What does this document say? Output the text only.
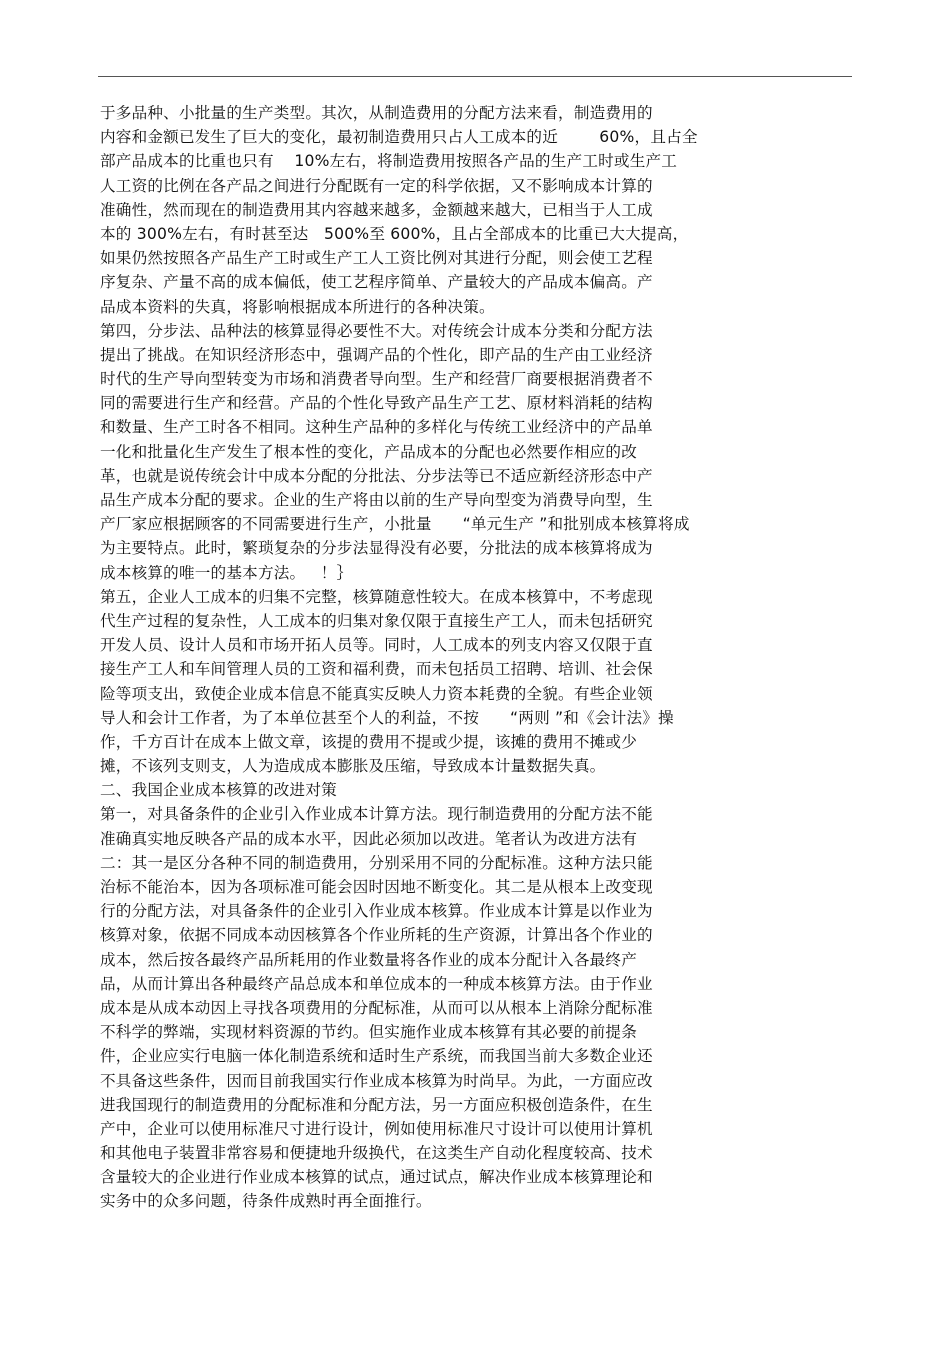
于多品种、小批量的生产类型。其次，从制造费用的分配方法来看，制造费用的
内容和金额已发生了巨大的变化，最初制造费用只占人工成本的近        60%，且占全
部产品成本的比重也只有    10%左右，将制造费用按照各产品的生产工时或生产工
人工资的比例在各产品之间进行分配既有一定的科学依据，又不影响成本计算的
准确性，然而现在的制造费用其内容越来越多，金额越来越大，已相当于人工成
本的 300%左右，有时甚至达   500%至 600%，且占全部成本的比重已大大提高，
如果仍然按照各产品生产工时或生产工人工资比例对其进行分配，则会使工艺程
序复杂、产量不高的成本偏低，使工艺程序简单、产量较大的产品成本偏高。产
品成本资料的失真，将影响根据成本所进行的各种决策。
第四，分步法、品种法的核算显得必要性不大。对传统会计成本分类和分配方法
提出了挑战。在知识经济形态中，强调产品的个性化，即产品的生产由工业经济
时代的生产导向型转变为市场和消费者导向型。生产和经营厂商要根据消费者不
同的需要进行生产和经营。产品的个性化导致产品生产工艺、原材料消耗的结构
和数量、生产工时各不相同。这种生产品种的多样化与传统工业经济中的产品单
一化和批量化生产发生了根本性的变化，产品成本的分配也必然要作相应的改
革，也就是说传统会计中成本分配的分批法、分步法等已不适应新经济形态中产
品生产成本分配的要求。企业的生产将由以前的生产导向型变为消费导向型，生
产厂家应根据顾客的不同需要进行生产，小批量      “单元生产 ”和批别成本核算将成
为主要特点。此时，繁琐复杂的分步法显得没有必要，分批法的成本核算将成为
成本核算的唯一的基本方法。   ！｝
第五，企业人工成本的归集不完整，核算随意性较大。在成本核算中，不考虑现
代生产过程的复杂性，人工成本的归集对象仅限于直接生产工人，而未包括研究
开发人员、设计人员和市场开拓人员等。同时，人工成本的列支内容又仅限于直
接生产工人和车间管理人员的工资和福利费，而未包括员工招聘、培训、社会保
险等项支出，致使企业成本信息不能真实反映人力资本耗费的全貌。有些企业领
导人和会计工作者，为了本单位甚至个人的利益，不按      “两则 ”和《会计法》操
作，千方百计在成本上做文章，该提的费用不提或少提，该摊的费用不摊或少
摊，不该列支则支，人为造成成本膨胀及压缩，导致成本计量数据失真。
二、我国企业成本核算的改进对策
第一，对具备条件的企业引入作业成本计算方法。现行制造费用的分配方法不能
准确真实地反映各产品的成本水平，因此必须加以改进。笔者认为改进方法有
二：其一是区分各种不同的制造费用，分别采用不同的分配标准。这种方法只能
治标不能治本，因为各项标准可能会因时因地不断变化。其二是从根本上改变现
行的分配方法，对具备条件的企业引入作业成本核算。作业成本计算是以作业为
核算对象，依据不同成本动因核算各个作业所耗的生产资源，计算出各个作业的
成本，然后按各最终产品所耗用的作业数量将各作业的成本分配计入各最终产
品，从而计算出各种最终产品总成本和单位成本的一种成本核算方法。由于作业
成本是从成本动因上寻找各项费用的分配标准，从而可以从根本上消除分配标准
不科学的弊端，实现材料资源的节约。但实施作业成本核算有其必要的前提条
件，企业应实行电脑一体化制造系统和适时生产系统，而我国当前大多数企业还
不具备这些条件，因而目前我国实行作业成本核算为时尚早。为此，一方面应改
进我国现行的制造费用的分配标准和分配方法，另一方面应积极创造条件，在生
产中，企业可以使用标准尺寸进行设计，例如使用标准尺寸设计可以使用计算机
和其他电子装置非常容易和便捷地升级换代，在这类生产自动化程度较高、技术
含量较大的企业进行作业成本核算的试点，通过试点，解决作业成本核算理论和
实务中的众多问题，待条件成熟时再全面推行。
